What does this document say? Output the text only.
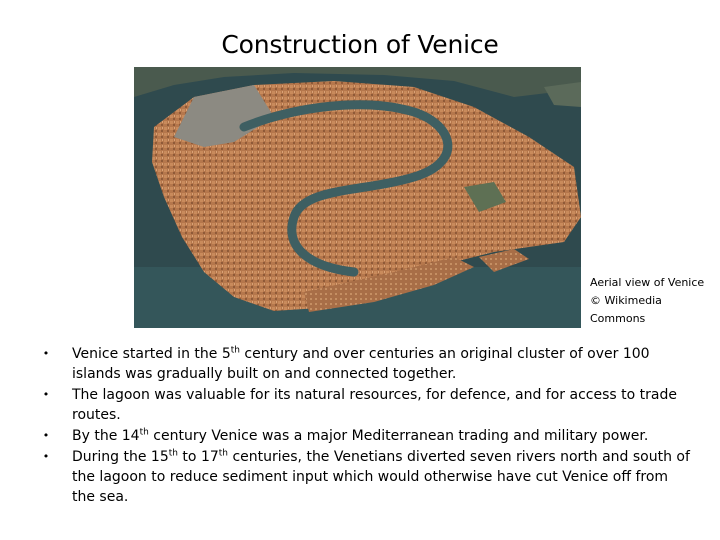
Construction of Venice
Aerial view of Venice
© Wikimedia
Commons
• Venice started in the 5th century and over centuries an original cluster of over 100 islands was gradually built on and connected together.
• The lagoon was valuable for its natural resources, for defence, and for access to trade routes.
• By the 14th century Venice was a major Mediterranean trading and military power.
• During the 15th to 17th centuries, the Venetians diverted seven rivers north and south of the lagoon to reduce sediment input which would otherwise have cut Venice off from the sea.
